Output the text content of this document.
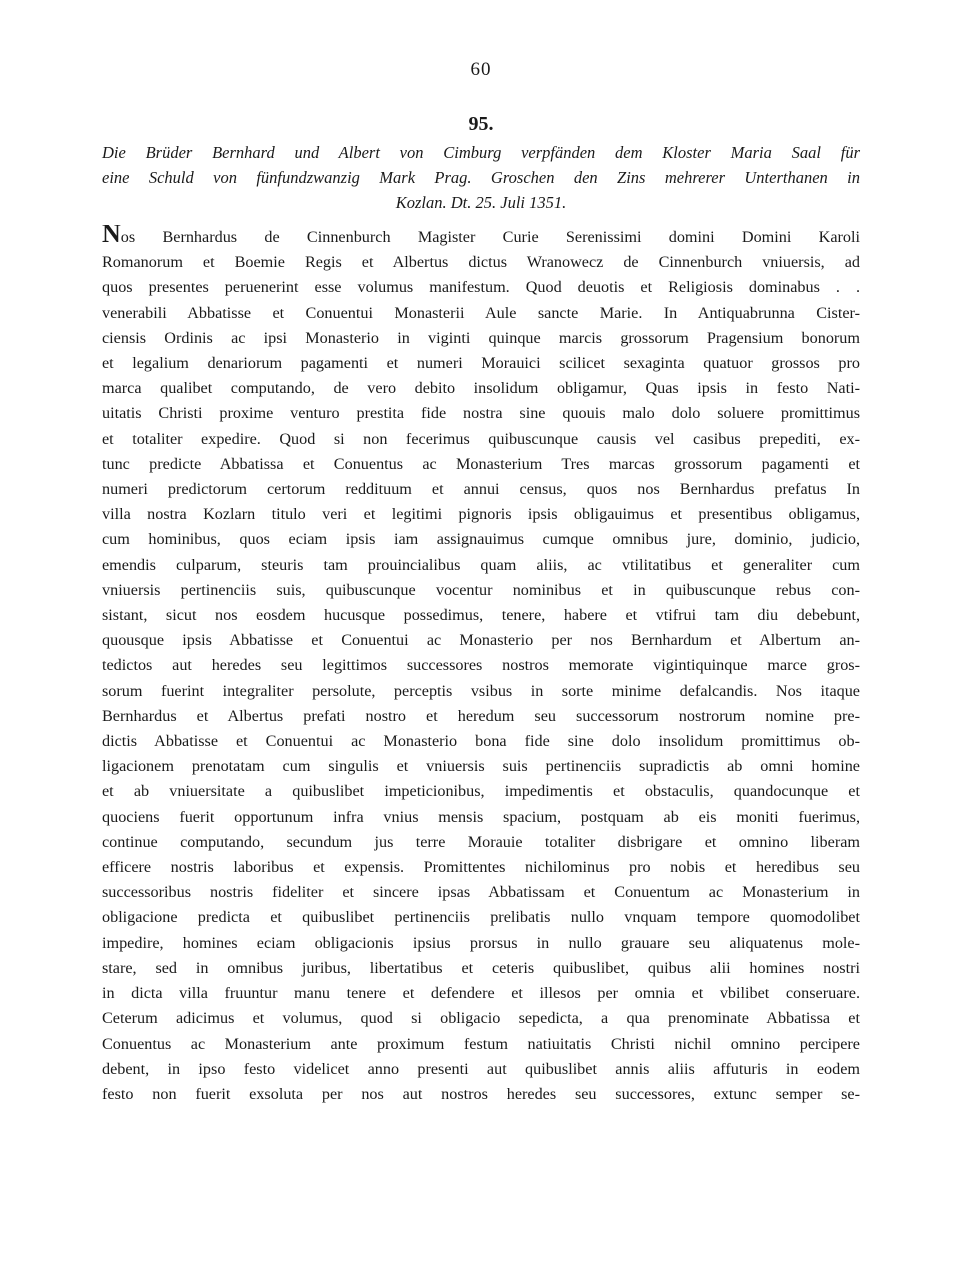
60
95.
Die Brüder Bernhard und Albert von Cimburg verpfänden dem Kloster Maria Saal für
eine Schuld von fünfundzwanzig Mark Prag. Groschen den Zins mehrerer Unterthanen in
Kozlan. Dt. 25. Juli 1351.
Nos Bernhardus de Cinnenburch Magister Curie Serenissimi domini Domini Karoli
Romanorum et Boemie Regis et Albertus dictus Wranowecz de Cinnenburch vniuersis, ad
quos presentes peruenerint esse volumus manifestum. Quod deuotis et Religiosis dominabus . .
venerabili Abbatisse et Conuentui Monasterii Aule sancte Marie. In Antiquabrunna Cister-
ciensis Ordinis ac ipsi Monasterio in viginti quinque marcis grossorum Pragensium bonorum
et legalium denariorum pagamenti et numeri Morauici scilicet sexaginta quatuor grossos pro
marca qualibet computando, de vero debito insolidum obligamur, Quas ipsis in festo Nati-
uitatis Christi proxime venturo prestita fide nostra sine quouis malo dolo soluere promittimus
et totaliter expedire. Quod si non fecerimus quibuscunque causis vel casibus prepediti, ex-
tunc predicte Abbatissa et Conuentus ac Monasterium Tres marcas grossorum pagamenti et
numeri predictorum certorum reddituum et annui census, quos nos Bernhardus prefatus In
villa nostra Kozlarn titulo veri et legitimi pignoris ipsis obligauimus et presentibus obligamus,
cum hominibus, quos eciam ipsis iam assignauimus cumque omnibus jure, dominio, judicio,
emendis culparum, steuris tam prouincialibus quam aliis, ac vtilitatibus et generaliter cum
vniuersis pertinenciis suis, quibuscunque vocentur nominibus et in quibuscunque rebus con-
sistant, sicut nos eosdem hucusque possedimus, tenere, habere et vtifrui tam diu debebunt,
quousque ipsis Abbatisse et Conuentui ac Monasterio per nos Bernhardum et Albertum an-
tedictos aut heredes seu legittimos successores nostros memorate vigintiquinque marce gros-
sorum fuerint integraliter persolute, perceptis vsibus in sorte minime defalcandis. Nos itaque
Bernhardus et Albertus prefati nostro et heredum seu successorum nostrorum nomine pre-
dictis Abbatisse et Conuentui ac Monasterio bona fide sine dolo insolidum promittimus ob-
ligacionem prenotatam cum singulis et vniuersis suis pertinenciis supradictis ab omni homine
et ab vniuersitate a quibuslibet impeticionibus, impedimentis et obstaculis, quandocunque et
quociens fuerit opportunum infra vnius mensis spacium, postquam ab eis moniti fuerimus,
continue computando, secundum jus terre Morauie totaliter disbrigare et omnino liberam
efficere nostris laboribus et expensis. Promittentes nichilominus pro nobis et heredibus seu
successoribus nostris fideliter et sincere ipsas Abbatissam et Conuentum ac Monasterium in
obligacione predicta et quibuslibet pertinenciis prelibatis nullo vnquam tempore quomodolibet
impedire, homines eciam obligacionis ipsius prorsus in nullo grauare seu aliquatenus mole-
stare, sed in omnibus juribus, libertatibus et ceteris quibuslibet, quibus alii homines nostri
in dicta villa fruuntur manu tenere et defendere et illesos per omnia et vbilibet conseruare.
Ceterum adicimus et volumus, quod si obligacio sepedicta, a qua prenominate Abbatissa et
Conuentus ac Monasterium ante proximum festum natiuitatis Christi nichil omnino percipere
debent, in ipso festo videlicet anno presenti aut quibuslibet annis aliis affuturis in eodem
festo non fuerit exsoluta per nos aut nostros heredes seu successores, extunc semper se-
